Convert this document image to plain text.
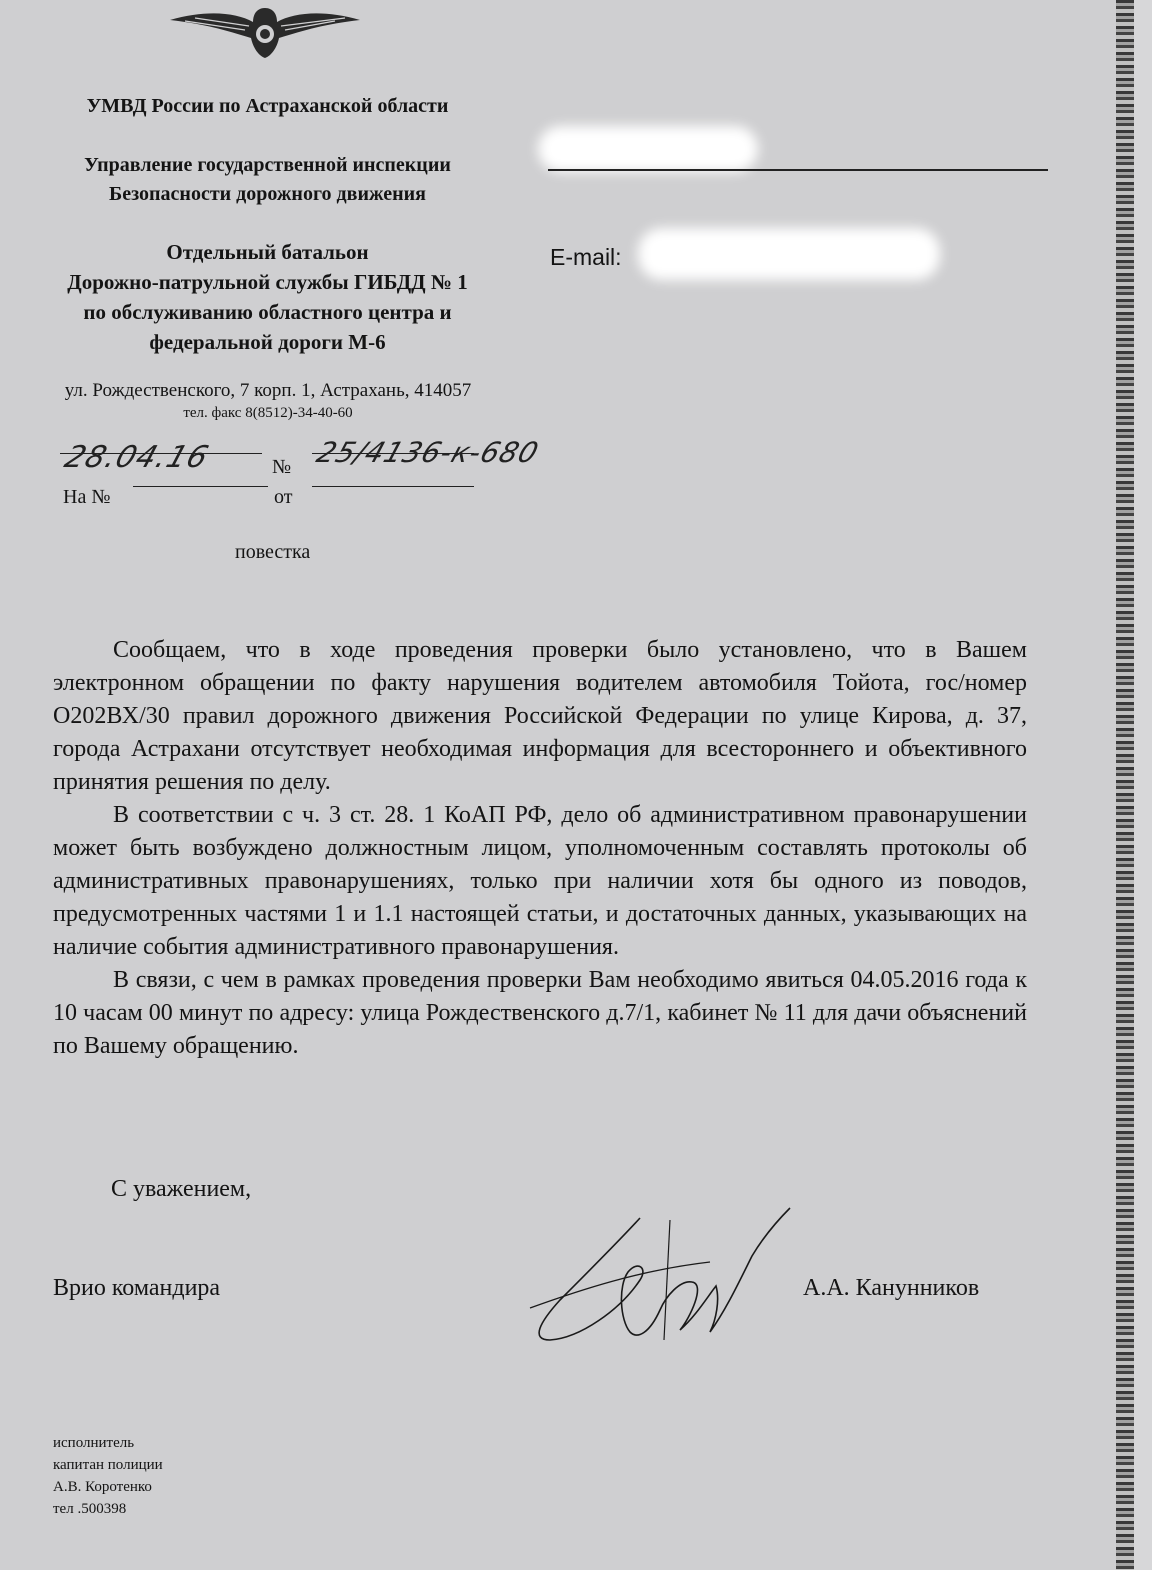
УМВД России по Астраханской области
Управление государственной инспекции
Безопасности дорожного движения
Отдельный батальон
Дорожно-патрульной службы ГИБДД № 1
по обслуживанию областного центра и
федеральной дороги М-6
ул. Рождественского, 7 корп. 1, Астрахань, 414057
тел. факс 8(8512)-34-40-60
28.04.16	№ 25/4136-к-680
На №	от
E-mail:
повестка

Сообщаем, что в ходе проведения проверки было установлено, что в Вашем электронном обращении по факту нарушения водителем автомобиля Тойота, гос/номер О202ВХ/30 правил дорожного движения Российской Федерации по улице Кирова, д. 37, города Астрахани отсутствует необходимая информация для всестороннего и объективного принятия решения по делу.

В соответствии с ч. 3 ст. 28. 1 КоАП РФ, дело об административном правонарушении может быть возбуждено должностным лицом, уполномоченным составлять протоколы об административных правонарушениях, только при наличии хотя бы одного из поводов, предусмотренных частями 1 и 1.1 настоящей статьи, и достаточных данных, указывающих на наличие события административного правонарушения.

В связи, с чем в рамках проведения проверки Вам необходимо явиться 04.05.2016 года к 10 часам 00 минут по адресу: улица Рождественского д.7/1, кабинет № 11 для дачи объяснений по Вашему обращению.

С уважением,
Врио командира	А.А. Канунников
исполнитель
капитан полиции
А.В. Коротенко
тел .500398
